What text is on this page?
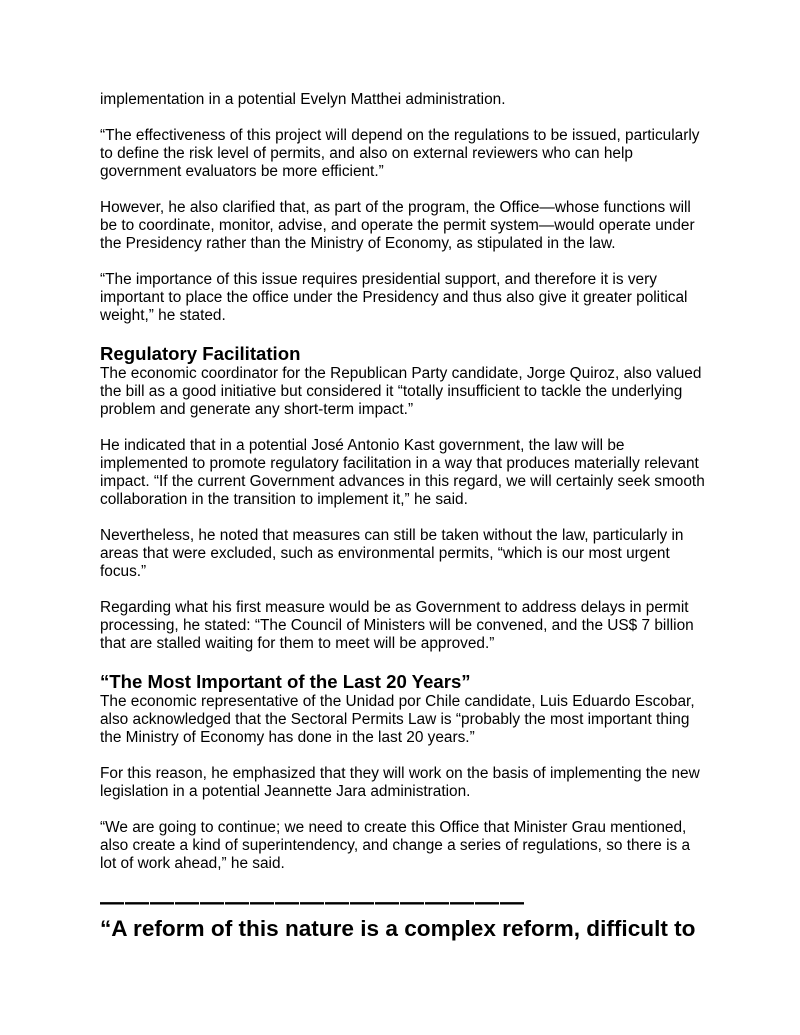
implementation in a potential Evelyn Matthei administration.

“The effectiveness of this project will depend on the regulations to be issued, particularly to define the risk level of permits, and also on external reviewers who can help government evaluators be more efficient.”

However, he also clarified that, as part of the program, the Office—whose functions will be to coordinate, monitor, advise, and operate the permit system—would operate under the Presidency rather than the Ministry of Economy, as stipulated in the law.

“The importance of this issue requires presidential support, and therefore it is very important to place the office under the Presidency and thus also give it greater political weight,” he stated.

Regulatory Facilitation

The economic coordinator for the Republican Party candidate, Jorge Quiroz, also valued the bill as a good initiative but considered it “totally insufficient to tackle the underlying problem and generate any short-term impact.”

He indicated that in a potential José Antonio Kast government, the law will be implemented to promote regulatory facilitation in a way that produces materially relevant impact. “If the current Government advances in this regard, we will certainly seek smooth collaboration in the transition to implement it,” he said.

Nevertheless, he noted that measures can still be taken without the law, particularly in areas that were excluded, such as environmental permits, “which is our most urgent focus.”

Regarding what his first measure would be as Government to address delays in permit processing, he stated: “The Council of Ministers will be convened, and the US$ 7 billion that are stalled waiting for them to meet will be approved.”

“The Most Important of the Last 20 Years”

The economic representative of the Unidad por Chile candidate, Luis Eduardo Escobar, also acknowledged that the Sectoral Permits Law is “probably the most important thing the Ministry of Economy has done in the last 20 years.”

For this reason, he emphasized that they will work on the basis of implementing the new legislation in a potential Jeannette Jara administration.

“We are going to continue; we need to create this Office that Minister Grau mentioned, also create a kind of superintendency, and change a series of regulations, so there is a lot of work ahead,” he said.

—————————————————
“A reform of this nature is a complex reform, difficult to
